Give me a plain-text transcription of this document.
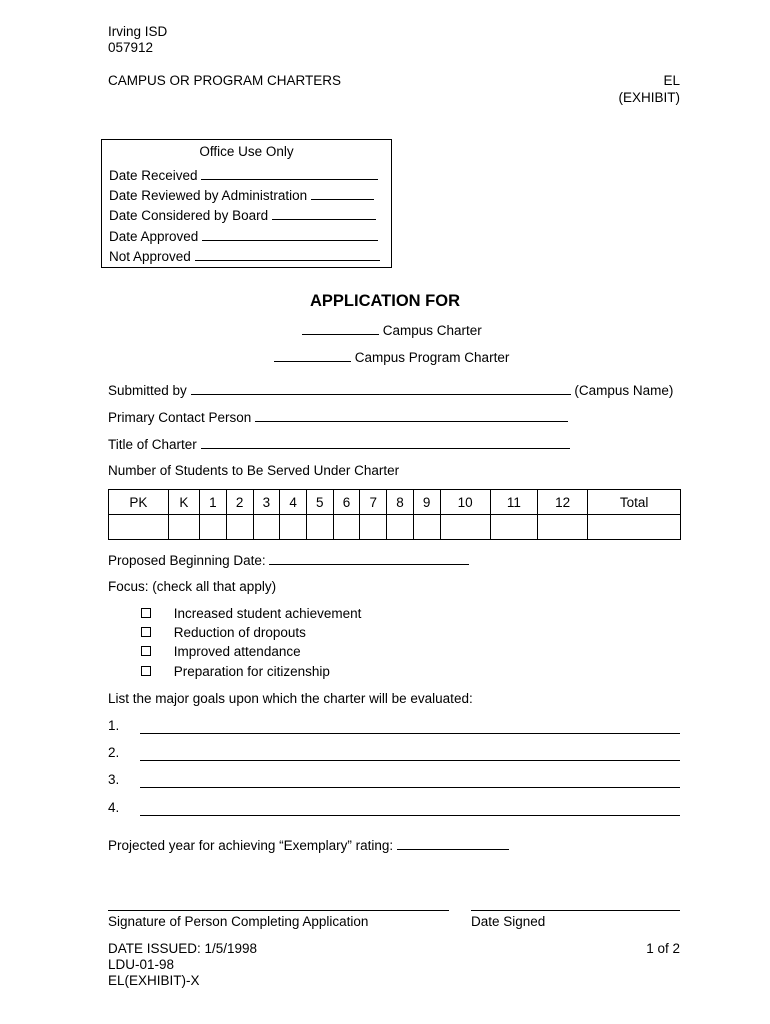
Irving ISD
057912
CAMPUS OR PROGRAM CHARTERS	EL
(EXHIBIT)
Office Use Only
Date Received
Date Reviewed by Administration
Date Considered by Board
Date Approved
Not Approved
APPLICATION FOR
Campus Charter
Campus Program Charter
Submitted by	(Campus Name)
Primary Contact Person
Title of Charter
Number of Students to Be Served Under Charter
PK	K	1	2	3	4	5	6	7	8	9	10	11	12	Total

Proposed Beginning Date:
Focus: (check all that apply)
Increased student achievement
Reduction of dropouts
Improved attendance
Preparation for citizenship
List the major goals upon which the charter will be evaluated:
1.
2.
3.
4.
Projected year for achieving “Exemplary” rating:
Signature of Person Completing Application	Date Signed
DATE ISSUED: 1/5/1998
LDU-01-98
EL(EXHIBIT)-X
1 of 2
